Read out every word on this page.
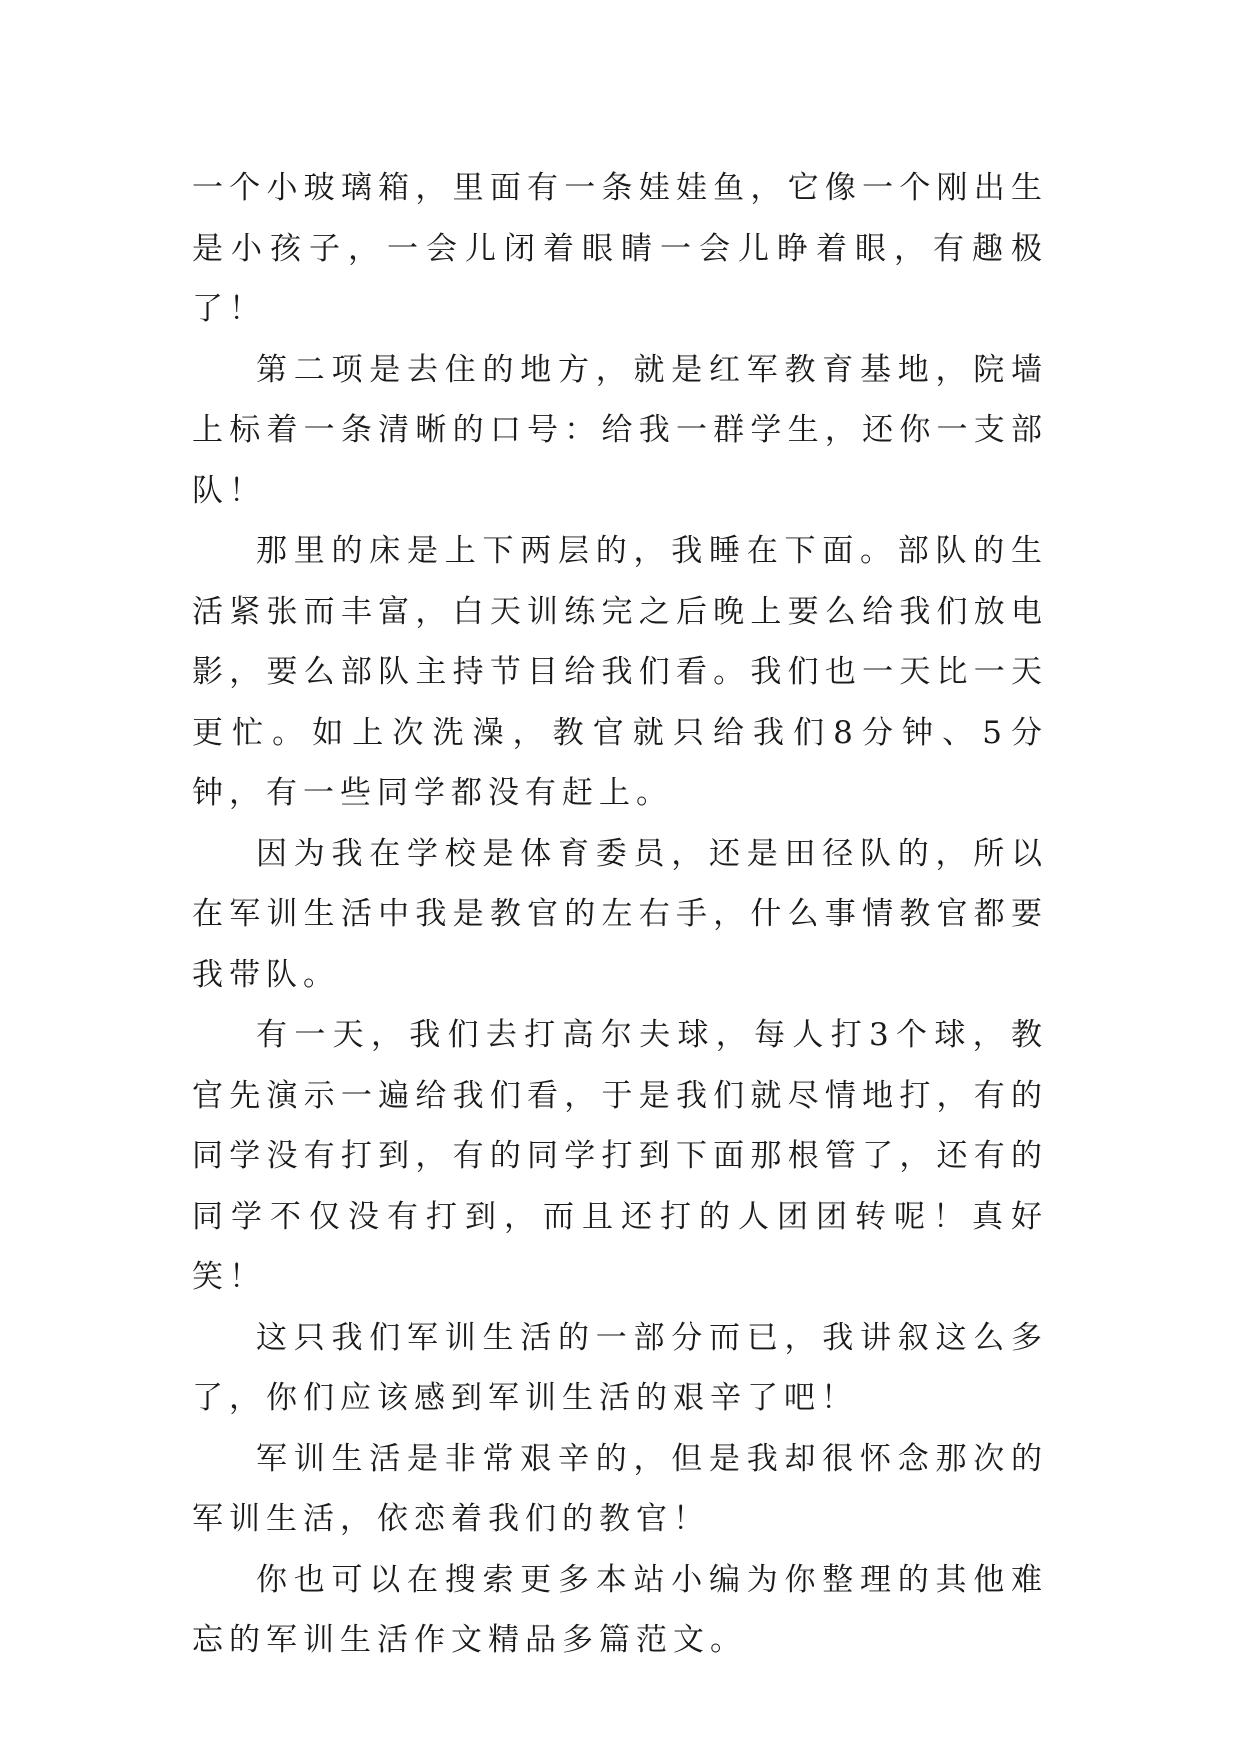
一个小玻璃箱，里面有一条娃娃鱼，它像一个刚出生是小孩子，一会儿闭着眼睛一会儿睁着眼，有趣极了！

第二项是去住的地方，就是红军教育基地，院墙上标着一条清晰的口号：给我一群学生，还你一支部队！

那里的床是上下两层的，我睡在下面。部队的生活紧张而丰富，白天训练完之后晚上要么给我们放电影，要么部队主持节目给我们看。我们也一天比一天更忙。如上次洗澡，教官就只给我们8分钟、5分钟，有一些同学都没有赶上。

因为我在学校是体育委员，还是田径队的，所以在军训生活中我是教官的左右手，什么事情教官都要我带队。

有一天，我们去打高尔夫球，每人打3个球，教官先演示一遍给我们看，于是我们就尽情地打，有的同学没有打到，有的同学打到下面那根管了，还有的同学不仅没有打到，而且还打的人团团转呢！真好笑！

这只我们军训生活的一部分而已，我讲叙这么多了，你们应该感到军训生活的艰辛了吧！

军训生活是非常艰辛的，但是我却很怀念那次的军训生活，依恋着我们的教官！

你也可以在搜索更多本站小编为你整理的其他难忘的军训生活作文精品多篇范文。
